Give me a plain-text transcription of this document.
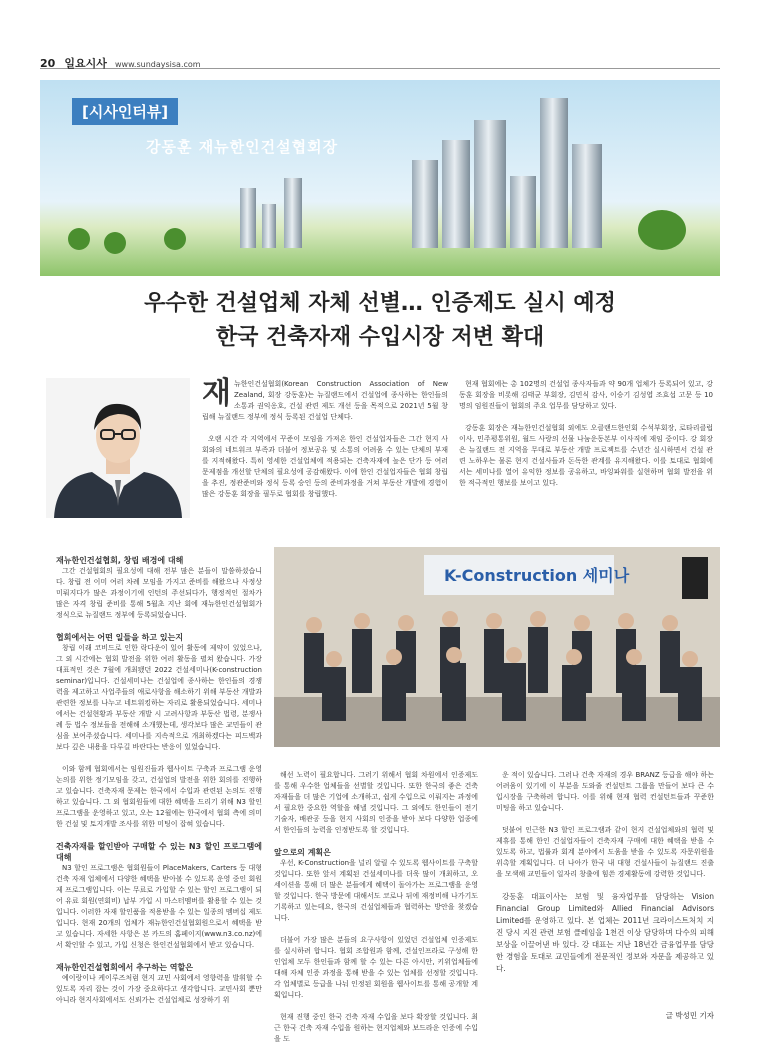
20 일요시사 www.sundaysisa.com
[시사인터뷰]
강동훈 재뉴한인건설협회장
우수한 건설업체 자체 선별… 인증제도 실시 예정
한국 건축자재 수입시장 저변 확대

재뉴한인건설협회(Korean Construction Association of New Zealand, 회장 강동훈)는 뉴질랜드에서 건설업에 종사하는 한인들의 소통과 권익옹호, 건설 관련 제도 개선 등을 목적으로 2021년 5월 창립해 뉴질랜드 정부에 정식 등록된 건설업 단체다.

오랜 시간 각 지역에서 꾸준이 모임을 가져온 한인 건설업자들은 그간 현지 사회와의 네트워크 부족과 더불어 정보공유 및 소통의 어려움 수 있는 단체의 부재를 지적해왔다. 특히 영세한 건설업체에 적용되는 건축자재에 높은 단가 등 여러 문제점을 개선할 단체의 필요성에 공감해왔다. 이에 한인 건설업자들은 협회 창립을 추진, 정관준비와 정식 등록 승인 등의 준비과정을 거쳐 부동산 개발에 경험이 많은 강동훈 회장을 필두로 협회를 창립했다.

현재 협회에는 총 102명의 건설업 종사자들과 약 90개 업체가 등록되어 있고, 강동훈 회장을 비롯해 김태균 부회장, 김민식 감사, 이승기 김성엽 조효섭 고문 등 10명의 임원진들이 협회의 주요 업무를 담당하고 있다.

강동훈 회장은 재뉴한인건설협회 외에도 오클랜드한인회 수석부회장, 로타리클럽 이사, 민주평통위원, 월드 사랑의 선물 나눔운동본부 이사직에 재임 중이다. 강 회장은 뉴질랜드 전 지역을 무대로 부동산 개발 프로젝트를 수년간 실시하면서 건설 관련 노하우는 물론 현지 건설사들과 돈독한 관계를 유지해왔다. 이를 토대로 협회에서는 세미나를 열어 유익한 정보를 공유하고, 바잉파워를 실현하며 협회 발전을 위한 적극적인 행보를 보이고 있다.

K-Construction 세미나
재뉴한인건설협회, 창립 배경에 대해

그간 건설협회의 필요성에 대해 전부 많은 분들이 말씀하셨습니다. 창립 전 이미 여러 차례 모임을 가지고 준비를 해왔으나 사정상 미뤄지다가 많은 과정이기에 인턴의 주선되다가, 행정적인 절차가 많은 자격 창립 준비를 통해 5월초 지난 회에 재뉴한인건설협회가 정식으로 뉴질랜드 정부에 등록되었습니다.

협회에서는 어떤 일들을 하고 있는지

창립 이래 코비드로 인한 락다운이 있어 활동에 제약이 있었으나, 그 외 시간에는 협회 발전을 위한 여러 활동을 펼쳐 왔습니다. 가장 대표적인 것은 7월에 개최됐던 2022 건설세미나(K-construction seminar)입니다. 건설세미나는 건설업에 종사하는 한인들의 경쟁력을 제고하고 사업주들의 애로사항을 해소하기 위해 부동산 개발과 관련한 정보를 나누고 네트워킹하는 자리로 활용되었습니다. 세미나에서는 건설현황과 부동산 개발 시 고려사항과 부동산 법령, 분쟁사례 등 법수 정보들을 전해해 소개했는데, 생각보다 많은 교민들이 관심을 보여주셨습니다. 세미나를 지속적으로 개최하겠다는 피드백과 보다 깊은 내용을 다루길 바란다는 반응이 있었습니다.

이와 함께 협회에서는 임원진들과 웹사이트 구축과 프로그램 운영 논의를 위한 정기모임을 갖고, 건설업의 발전을 위한 회의를 진행하고 있습니다. 건축자재 문제는 한국에서 수입과 관련된 논의도 진행하고 있습니다. 그 외 협회원들에 대한 혜택을 드리기 위해 N3 할인 프로그램을 운영하고 있고, 오는 12월에는 한국에서 협회 측에 의미한 건설 및 토지개발 조사를 위한 미팅이 잡혀 있습니다.

건축자재를 할인받아 구매할 수 있는 N3 할인 프로그램에 대해

N3 할인 프로그램은 협회원들이 PlaceMakers, Carters 등 대형 건축 자재 업체에서 다양한 혜택을 받아볼 수 있도록 운영 중인 회원제 프로그램입니다. 이는 무료로 가입할 수 있는 할인 프로그램이 되어 유료 회원(연회비) 납부 가입 시 마스터멤버를 활용할 수 있는 것입니다. 이러한 자재 할인품을 적용받을 수 있는 일종의 멤버십 제도입니다. 현재 20개의 업체가 재뉴한인건설협회원으로서 혜택을 받고 있습니다. 자세한 사항은 본 카드의 홈페이지(www.n3.co.nz)에서 확인할 수 있고, 가입 신청은 한인건설협회에서 받고 있습니다.

재뉴한인건설협회에서 추구하는 역할은

예이랑이나 케이루즈처럼 현지 교민 사회에서 영향력을 발휘할 수 있도록 자리 잡는 것이 가장 중요하다고 생각합니다. 교민사회 뿐만 아니라 현지사회에서도 신뢰가는 건설업체로 성장하기 위

해선 노력이 필요합니다. 그러기 위해서 협회 차원에서 인증제도를 통해 우수한 업체들을 선별할 것입니다. 또한 한국의 좋은 건축자재들을 더 많은 기업에 소개하고, 쉽게 수입으로 이뤄지는 과정에서 필요한 중요한 역할을 해낼 것입니다. 그 외에도 한인들이 전기기술자, 배관공 등을 현지 사회의 인증을 받아 보다 다양한 업종에서 한인들의 능력을 인정받도록 할 것입니다.

앞으로의 계획은

우선, K-Construction을 널리 알릴 수 있도록 웹사이트를 구축할 것입니다. 또한 앞서 계획된 건설세미나를 더욱 많이 개최하고, 오세이션을 통해 더 많은 분들에게 혜택이 돌아가는 프로그램을 운영할 것입니다. 한국 방문에 대해서도 코로나 뒤에 재정비해 나가기도 기록하고 있는데요, 한국의 건설업체들과 협력하는 방안을 찾겠습니다.

더불어 가장 많은 분들의 요구사항이 있었던 건설업체 인증제도를 실시하려 합니다. 협회 조합원과 함께, 건설인프라로 구성해 한인업체 모두 한인들과 함께 할 수 있는 다른 아시안, 키위업체들에 대해 자체 인증 과정을 통해 받을 수 있는 업체를 선정할 것입니다. 각 업체별로 등급을 나눠 인정된 회원을 웹사이트를 통해 공개할 계획입니다.

현재 진행 중인 한국 건축 자재 수입을 보다 확장할 것입니다. 최근 한국 건축 자재 수입을 원하는 현지업체와 보드라운 인증에 수입을 도

운 적이 있습니다. 그러나 건축 자재의 경우 BRANZ 등급을 해야 하는 어려움이 있기에 이 부분을 도와줄 컨설턴트 그룹을 만들어 보다 큰 수입시장을 구축하려 합니다. 이를 위해 현재 협력 컨설턴트들과 꾸준한 미팅을 하고 있습니다.

덧붙여 인근한 N3 할인 프로그램과 같이 현지 건설업체와의 협력 및 제휴를 통해 한인 건설업자들이 건축자재 구매에 대한 혜택을 받을 수 있도록 하고, 법률과 회계 분야에서 도움을 받을 수 있도록 자문위원을 위촉할 계획입니다. 더 나아가 한국 내 대형 건설사들이 뉴질랜드 진출을 모색해 교민들이 일자리 창출에 힘쓴 경제활동에 강력한 것입니다.

강동훈 대표이사는 보험 및 융자업무를 담당하는 Vision Financial Group Limited와 Allied Financial Advisors Limited를 운영하고 있다. 본 업체는 2011년 크라이스트처치 지진 당시 지진 관련 보험 클레임을 1천건 이상 담당하며 다수의 피해보상을 이끌어낸 바 있다. 강 대표는 지난 18년간 금융업무를 담당한 경험을 토대로 교민들에게 전문적인 정보와 자문을 제공하고 있다.

글 박성민 기자
